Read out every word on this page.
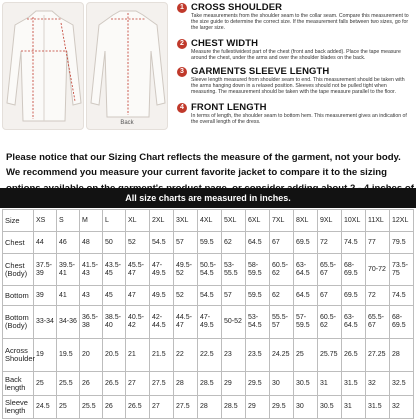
Back
1 CROSS SHOULDER
Take measurements from the shoulder seam to the collar seam. Compare this measurement to the size guide to determine the correct size. If the measurement falls between two sizes, go for the larger size.
2 CHEST WIDTH
Measure the fullest/widest part of the chest (front and back added). Place the tape measure around the chest, under the arms and over the shoulder blades on the back.
3 GARMENTS SLEEVE LENGTH
Sleeve length measured from shoulder seam to end. This measurement should be taken with the arms hanging down in a relaxed position. Sleeves should not be pulled tight when measuring. The measurement should be taken with the tape measure parallel to the floor.
4 FRONT LENGTH
In terms of length, the shoulder seam to bottom hem. This measurement gives an indication of the overall length of the dress.
Please notice that our Sizing Chart reflects the measure of the garment, not your body. We recommend you measure your current favorite jacket to compare it to the sizing
All size charts are measured in inches.
Size	XS	S	M	L	XL	2XL	3XL	4XL	5XL	6XL	7XL	8XL	9XL	10XL	11XL	12XL
Chest	44	46	48	50	52	54.5	57	59.5	62	64.5	67	69.5	72	74.5	77	79.5
Chest (Body)	37.5-39	39.5-41	41.5-43	43.5-45	45.5-47	47-49.5	49.5-52	50.5-54.5	53-55.5	58-59.5	60.5-62	63-64.5	65.5-67	68-69.5	70-72	73.5-75
Bottom	39	41	43	45	47	49.5	52	54.5	57	59.5	62	64.5	67	69.5	72	74.5
Bottom (Body)	33-34	34-36	36.5-38	38.5-40	40.5-42	42-44.5	44.5-47	47-49.5	50-52	53-54.5	55.5-57	57-59.5	60.5-62	63-64.5	65.5-67	68-69.5
Across Shoulder	19	19.5	20	20.5	21	21.5	22	22.5	23	23.5	24.25	25	25.75	26.5	27.25	28
Back length	25	25.5	26	26.5	27	27.5	28	28.5	29	29.5	30	30.5	31	31.5	32	32.5
Sleeve length	24.5	25	25.5	26	26.5	27	27.5	28	28.5	29	29.5	30	30.5	31	31.5	32
